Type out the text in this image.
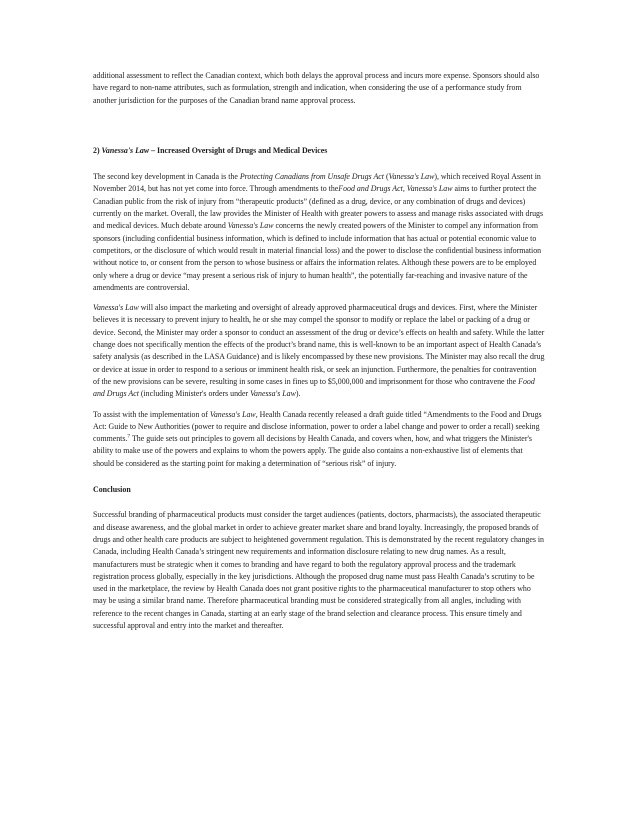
additional assessment to reflect the Canadian context, which both delays the approval process and incurs more expense. Sponsors should also have regard to non-name attributes, such as formulation, strength and indication, when considering the use of a performance study from another jurisdiction for the purposes of the Canadian brand name approval process.

2) Vanessa's Law – Increased Oversight of Drugs and Medical Devices

The second key development in Canada is the Protecting Canadians from Unsafe Drugs Act (Vanessa's Law), which received Royal Assent in November 2014, but has not yet come into force. Through amendments to theFood and Drugs Act, Vanessa's Law aims to further protect the Canadian public from the risk of injury from “therapeutic products” (defined as a drug, device, or any combination of drugs and devices) currently on the market. Overall, the law provides the Minister of Health with greater powers to assess and manage risks associated with drugs and medical devices. Much debate around Vanessa's Law concerns the newly created powers of the Minister to compel any information from sponsors (including confidential business information, which is defined to include information that has actual or potential economic value to competitors, or the disclosure of which would result in material financial loss) and the power to disclose the confidential business information without notice to, or consent from the person to whose business or affairs the information relates. Although these powers are to be employed only where a drug or device “may present a serious risk of injury to human health”, the potentially far-reaching and invasive nature of the amendments are controversial.

Vanessa's Law will also impact the marketing and oversight of already approved pharmaceutical drugs and devices. First, where the Minister believes it is necessary to prevent injury to health, he or she may compel the sponsor to modify or replace the label or packing of a drug or device. Second, the Minister may order a sponsor to conduct an assessment of the drug or device’s effects on health and safety. While the latter change does not specifically mention the effects of the product’s brand name, this is well-known to be an important aspect of Health Canada’s safety analysis (as described in the LASA Guidance) and is likely encompassed by these new provisions. The Minister may also recall the drug or device at issue in order to respond to a serious or imminent health risk, or seek an injunction. Furthermore, the penalties for contravention of the new provisions can be severe, resulting in some cases in fines up to $5,000,000 and imprisonment for those who contravene the Food and Drugs Act (including Minister's orders under Vanessa's Law).

To assist with the implementation of Vanessa's Law, Health Canada recently released a draft guide titled “Amendments to the Food and Drugs Act: Guide to New Authorities (power to require and disclose information, power to order a label change and power to order a recall) seeking comments.$^7$ The guide sets out principles to govern all decisions by Health Canada, and covers when, how, and what triggers the Minister's ability to make use of the powers and explains to whom the powers apply. The guide also contains a non-exhaustive list of elements that should be considered as the starting point for making a determination of “serious risk” of injury.

Conclusion

Successful branding of pharmaceutical products must consider the target audiences (patients, doctors, pharmacists), the associated therapeutic and disease awareness, and the global market in order to achieve greater market share and brand loyalty. Increasingly, the proposed brands of drugs and other health care products are subject to heightened government regulation. This is demonstrated by the recent regulatory changes in Canada, including Health Canada’s stringent new requirements and information disclosure relating to new drug names. As a result, manufacturers must be strategic when it comes to branding and have regard to both the regulatory approval process and the trademark registration process globally, especially in the key jurisdictions. Although the proposed drug name must pass Health Canada’s scrutiny to be used in the marketplace, the review by Health Canada does not grant positive rights to the pharmaceutical manufacturer to stop others who may be using a similar brand name. Therefore pharmaceutical branding must be considered strategically from all angles, including with reference to the recent changes in Canada, starting at an early stage of the brand selection and clearance process. This ensure timely and successful approval and entry into the market and thereafter.
